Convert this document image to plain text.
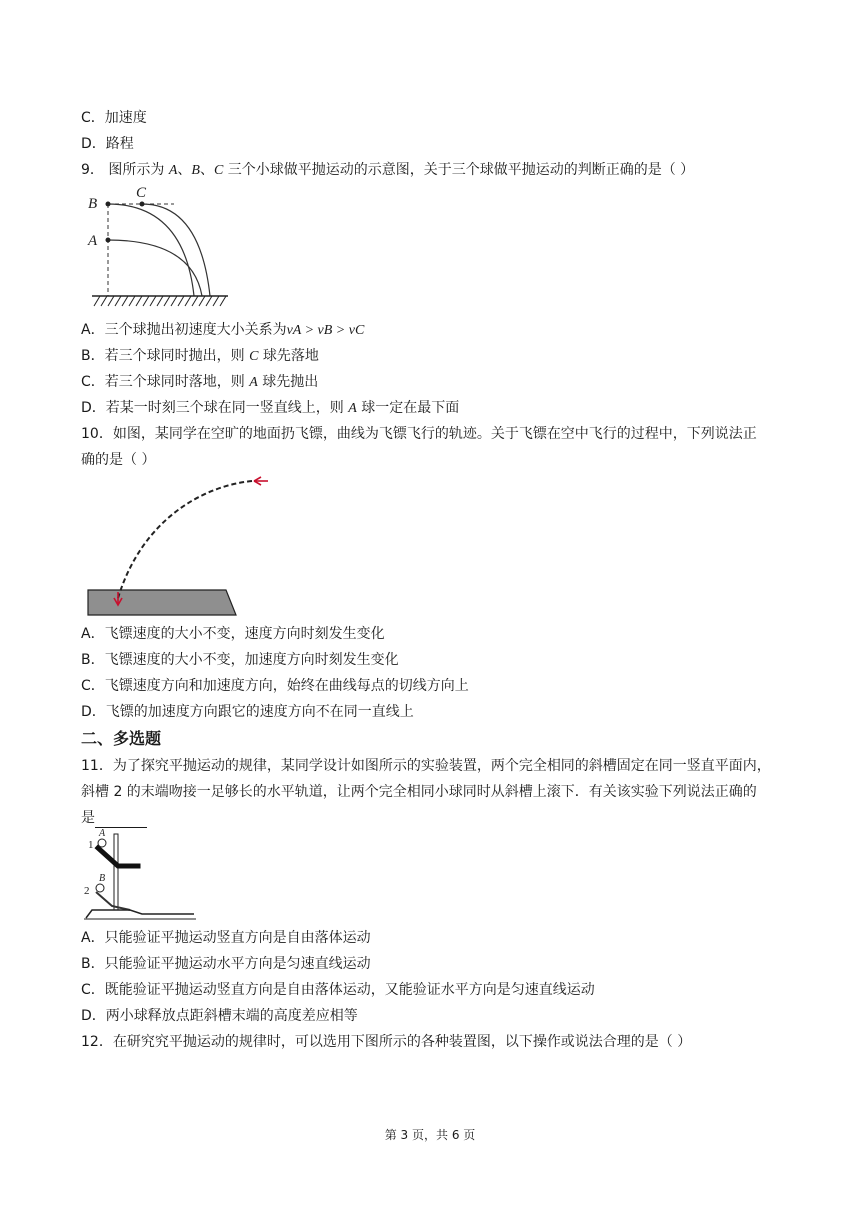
C．加速度
D．路程
9． 图所示为 A、B、C 三个小球做平抛运动的示意图，关于三个球做平抛运动的判断正确的是（ ）
B
C
A
A．三个球抛出初速度大小关系为vA > vB > vC
B．若三个球同时抛出，则 C 球先落地
C．若三个球同时落地，则 A 球先抛出
D．若某一时刻三个球在同一竖直线上，则 A 球一定在最下面
10．如图，某同学在空旷的地面扔飞镖，曲线为飞镖飞行的轨迹。关于飞镖在空中飞行的过程中，下列说法正
确的是（ ）
A．飞镖速度的大小不变，速度方向时刻发生变化
B．飞镖速度的大小不变，加速度方向时刻发生变化
C．飞镖速度方向和加速度方向，始终在曲线每点的切线方向上
D．飞镖的加速度方向跟它的速度方向不在同一直线上
二、多选题
11．为了探究平抛运动的规律，某同学设计如图所示的实验装置，两个完全相同的斜槽固定在同一竖直平面内，
斜槽 2 的末端吻接一足够长的水平轨道，让两个完全相同小球同时从斜槽上滚下．有关该实验下列说法正确的
是
A
1
B
2
A．只能验证平抛运动竖直方向是自由落体运动
B．只能验证平抛运动水平方向是匀速直线运动
C．既能验证平抛运动竖直方向是自由落体运动，又能验证水平方向是匀速直线运动
D．两小球释放点距斜槽末端的高度差应相等
12．在研究究平抛运动的规律时，可以选用下图所示的各种装置图，以下操作或说法合理的是（ ）
第 3 页，共 6 页
